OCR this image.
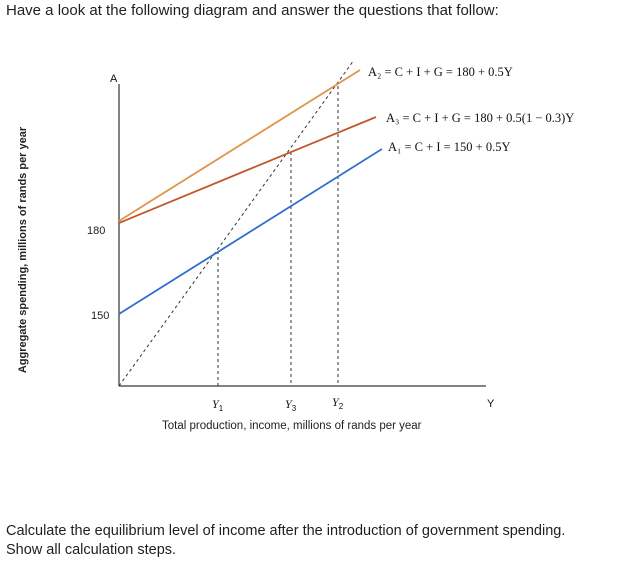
Have a look at the following diagram and answer the questions that follow:
A
Y
180
150
Aggregate spending, millions of rands per year
Total production, income, millions of rands per year
A₂ = C + I + G = 180 + 0.5Y
A₃ = C + I + G = 180 + 0.5(1 − 0.3)Y
A₁ = C + I = 150 + 0.5Y
$Y_1$	$Y_3$	$Y_2$
Calculate the equilibrium level of income after the introduction of government spending.
Show all calculation steps.
